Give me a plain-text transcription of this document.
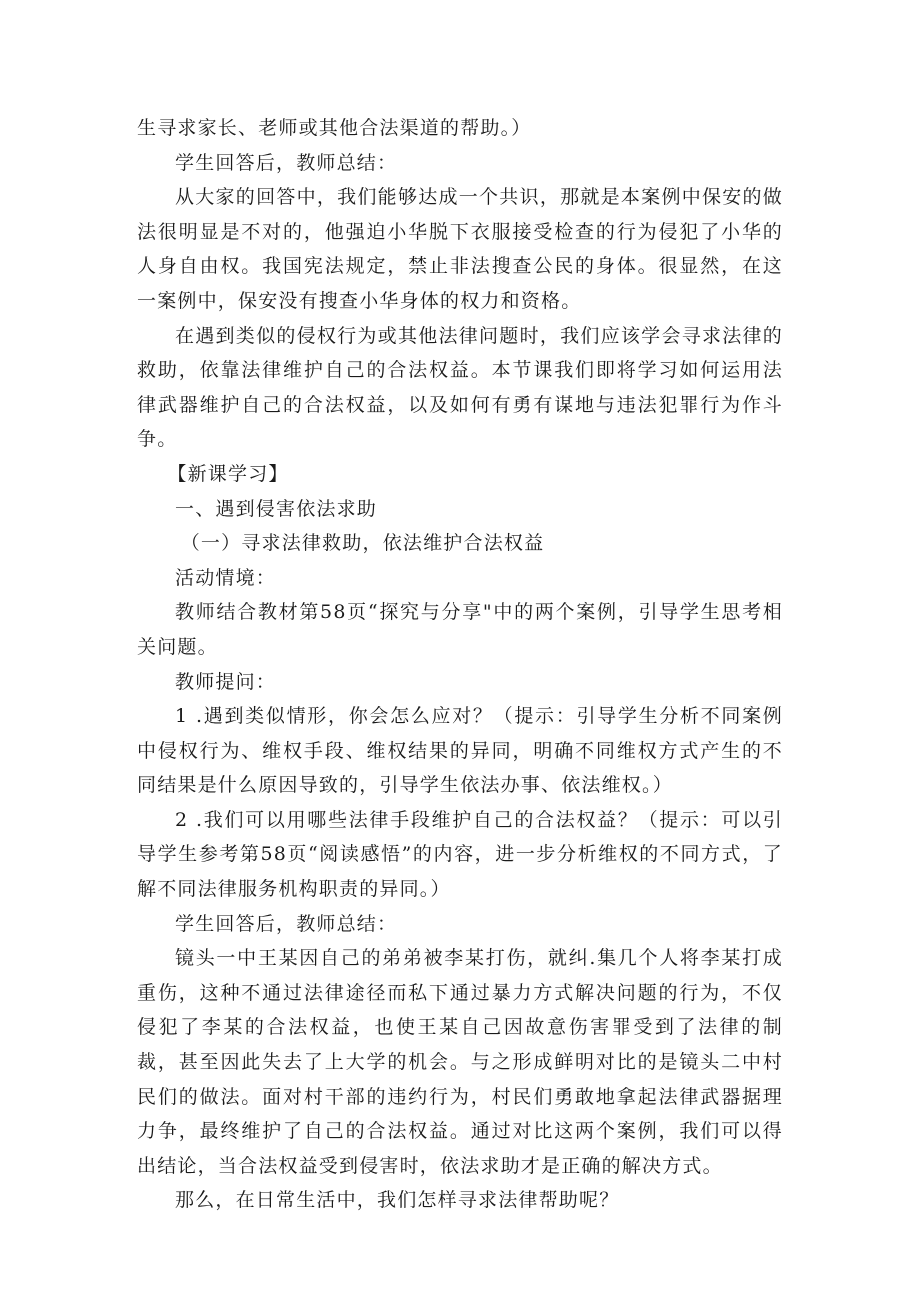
生寻求家长、老师或其他合法渠道的帮助。）

学生回答后，教师总结：

从大家的回答中，我们能够达成一个共识，那就是本案例中保安的做法很明显是不对的，他强迫小华脱下衣服接受检查的行为侵犯了小华的人身自由权。我国宪法规定，禁止非法搜查公民的身体。很显然，在这一案例中，保安没有搜查小华身体的权力和资格。

在遇到类似的侵权行为或其他法律问题时，我们应该学会寻求法律的救助，依靠法律维护自己的合法权益。本节课我们即将学习如何运用法律武器维护自己的合法权益，以及如何有勇有谋地与违法犯罪行为作斗争。

【新课学习】

一、遇到侵害依法求助

（一）寻求法律救助，依法维护合法权益

活动情境：

教师结合教材第58页“探究与分享"中的两个案例，引导学生思考相关问题。

教师提问：

1 .遇到类似情形，你会怎么应对？（提示：引导学生分析不同案例中侵权行为、维权手段、维权结果的异同，明确不同维权方式产生的不同结果是什么原因导致的，引导学生依法办事、依法维权。）

2 .我们可以用哪些法律手段维护自己的合法权益？（提示：可以引导学生参考第58页“阅读感悟”的内容，进一步分析维权的不同方式，了解不同法律服务机构职责的异同。）

学生回答后，教师总结：

镜头一中王某因自己的弟弟被李某打伤，就纠.集几个人将李某打成重伤，这种不通过法律途径而私下通过暴力方式解决问题的行为，不仅侵犯了李某的合法权益，也使王某自己因故意伤害罪受到了法律的制裁，甚至因此失去了上大学的机会。与之形成鲜明对比的是镜头二中村民们的做法。面对村干部的违约行为，村民们勇敢地拿起法律武器据理力争，最终维护了自己的合法权益。通过对比这两个案例，我们可以得出结论，当合法权益受到侵害时，依法求助才是正确的解决方式。

那么，在日常生活中，我们怎样寻求法律帮助呢？
